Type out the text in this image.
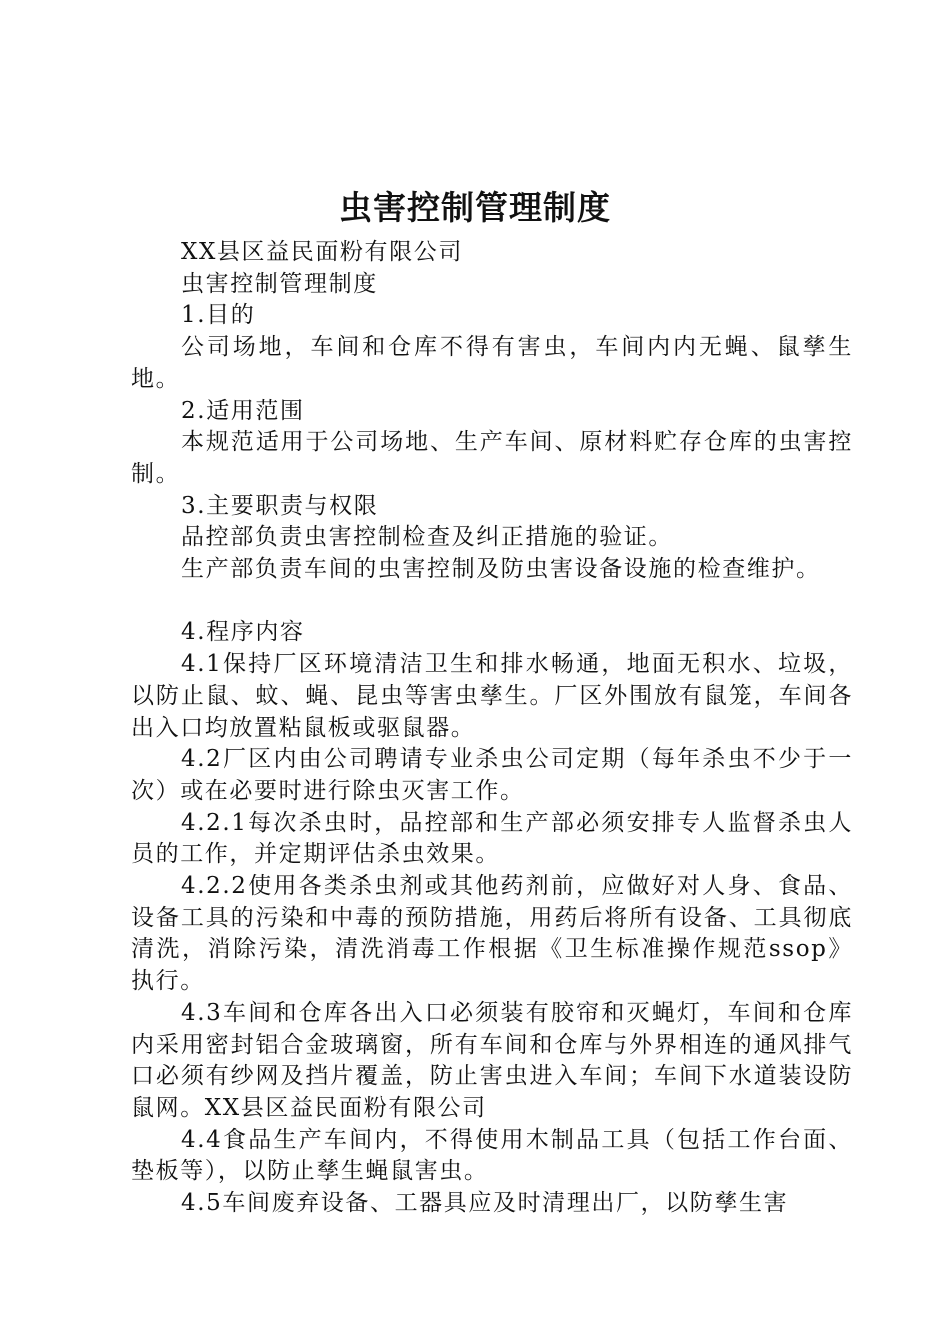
虫害控制管理制度

XX县区益民面粉有限公司

虫害控制管理制度

1.目的

公司场地，车间和仓库不得有害虫，车间内内无蝇、鼠孳生地。

2.适用范围

本规范适用于公司场地、生产车间、原材料贮存仓库的虫害控制。

3.主要职责与权限

品控部负责虫害控制检查及纠正措施的验证。

生产部负责车间的虫害控制及防虫害设备设施的检查维护。

4.程序内容

4.1保持厂区环境清洁卫生和排水畅通，地面无积水、垃圾，以防止鼠、蚊、蝇、昆虫等害虫孳生。厂区外围放有鼠笼，车间各出入口均放置粘鼠板或驱鼠器。

4.2厂区内由公司聘请专业杀虫公司定期（每年杀虫不少于一次）或在必要时进行除虫灭害工作。

4.2.1每次杀虫时，品控部和生产部必须安排专人监督杀虫人员的工作，并定期评估杀虫效果。

4.2.2使用各类杀虫剂或其他药剂前，应做好对人身、食品、设备工具的污染和中毒的预防措施，用药后将所有设备、工具彻底清洗，消除污染，清洗消毒工作根据《卫生标准操作规范ssop》执行。

4.3车间和仓库各出入口必须装有胶帘和灭蝇灯，车间和仓库内采用密封铝合金玻璃窗，所有车间和仓库与外界相连的通风排气口必须有纱网及挡片覆盖，防止害虫进入车间；车间下水道装设防鼠网。XX县区益民面粉有限公司

4.4食品生产车间内，不得使用木制品工具（包括工作台面、垫板等），以防止孳生蝇鼠害虫。

4.5车间废弃设备、工器具应及时清理出厂，以防孳生害
